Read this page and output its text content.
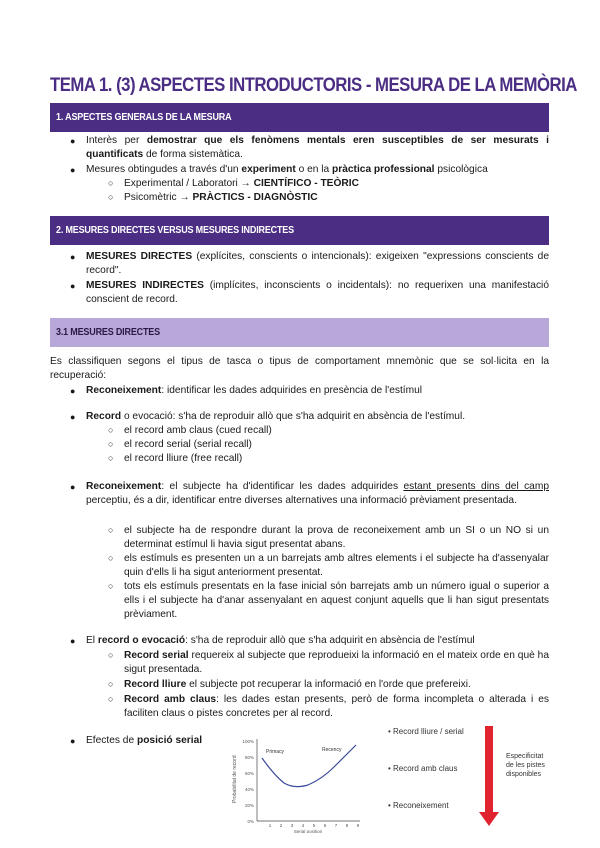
TEMA 1. (3) ASPECTES INTRODUCTORIS - MESURA DE LA MEMÒRIA
1. ASPECTES GENERALS DE LA MESURA
● Interès per demostrar que els fenòmens mentals eren susceptibles de ser mesurats i quantificats de forma sistemàtica.
● Mesures obtingudes a través d'un experiment o en la pràctica professional psicològica
○ Experimental / Laboratori → CIENTÍFICO - TEÒRIC
○ Psicomètric → PRÀCTICS - DIAGNÒSTIC
2. MESURES DIRECTES VERSUS MESURES INDIRECTES
● MESURES DIRECTES (explícites, conscients o intencionals): exigeixen "expressions conscients de record".
● MESURES INDIRECTES (implícites, inconscients o incidentals): no requerixen una manifestació conscient de record.
3.1 MESURES DIRECTES
Es classifiquen segons el tipus de tasca o tipus de comportament mnemònic que se sol·licita en la recuperació:
● Reconeixement: identificar les dades adquirides en presència de l'estímul
● Record o evocació: s'ha de reproduir allò que s'ha adquirit en absència de l'estímul.
○ el record amb claus (cued recall)
○ el record serial (serial recall)
○ el record lliure (free recall)
● Reconeixement: el subjecte ha d'identificar les dades adquirides estant presents dins del camp perceptiu, és a dir, identificar entre diverses alternatives una informació prèviament presentada.
○ el subjecte ha de respondre durant la prova de reconeixement amb un SI o un NO si un determinat estímul li havia sigut presentat abans.
○ els estímuls es presenten un a un barrejats amb altres elements i el subjecte ha d'assenyalar quin d'ells li ha sigut anteriorment presentat.
○ tots els estímuls presentats en la fase inicial són barrejats amb un número igual o superior a ells i el subjecte ha d'anar assenyalant en aquest conjunt aquells que li han sigut presentats prèviament.
● El record o evocació: s'ha de reproduir allò que s'ha adquirit en absència de l'estímul
○ Record serial requereix al subjecte que reprodueixi la informació en el mateix orde en què ha sigut presentada.
○ Record lliure el subjecte pot recuperar la informació en l'orde que prefereixi.
○ Record amb claus: les dades estan presents, però de forma incompleta o alterada i es faciliten claus o pistes concretes per al record.
● Efectes de posició serial
Probabilitat de record
100%
80%
60%
40%
20%
0%
1 2 3 4 5 6 7 8 9
Serial position
Primacy	Recency
• Record lliure / serial
• Record amb claus
• Reconeixement
Especificitat de les pistes disponibles
